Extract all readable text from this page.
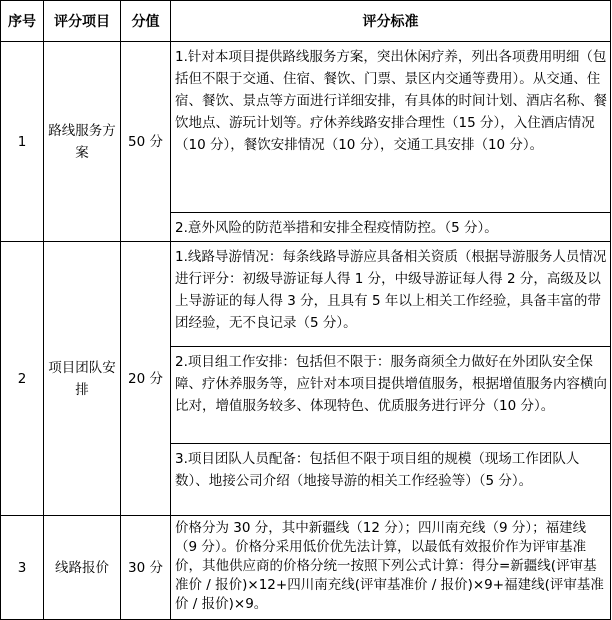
序号	评分项目	分值	评分标准
1	路线服务方案	50 分	1.针对本项目提供路线服务方案，突出休闲疗养，列出各项费用明细（包括但不限于交通、住宿、餐饮、门票、景区内交通等费用）。从交通、住宿、餐饮、景点等方面进行详细安排，有具体的时间计划、酒店名称、餐饮地点、游玩计划等。疗休养线路安排合理性（15 分），入住酒店情况（10 分），餐饮安排情况（10 分），交通工具安排（10 分）。
			2.意外风险的防范举措和安排全程疫情防控。（5 分）。
2	项目团队安排	20 分	1.线路导游情况：每条线路导游应具备相关资质（根据导游服务人员情况进行评分：初级导游证每人得 1 分，中级导游证每人得 2 分，高级及以上导游证的每人得 3 分，且具有 5 年以上相关工作经验，具备丰富的带团经验，无不良记录（5 分）。
			2.项目组工作安排：包括但不限于：服务商须全力做好在外团队安全保障、疗休养服务等，应针对本项目提供增值服务，根据增值服务内容横向比对，增值服务较多、体现特色、优质服务进行评分（10 分）。
			3.项目团队人员配备：包括但不限于项目组的规模（现场工作团队人数）、地接公司介绍（地接导游的相关工作经验等）（5 分）。
3	线路报价	30 分	价格分为 30 分，其中新疆线（12 分）；四川南充线（9 分）；福建线（9 分）。价格分采用低价优先法计算，以最低有效报价作为评审基准价，其他供应商的价格分统一按照下列公式计算：得分=新疆线(评审基准价 / 报价)×12+四川南充线(评审基准价 / 报价)×9+福建线(评审基准价 / 报价)×9。
